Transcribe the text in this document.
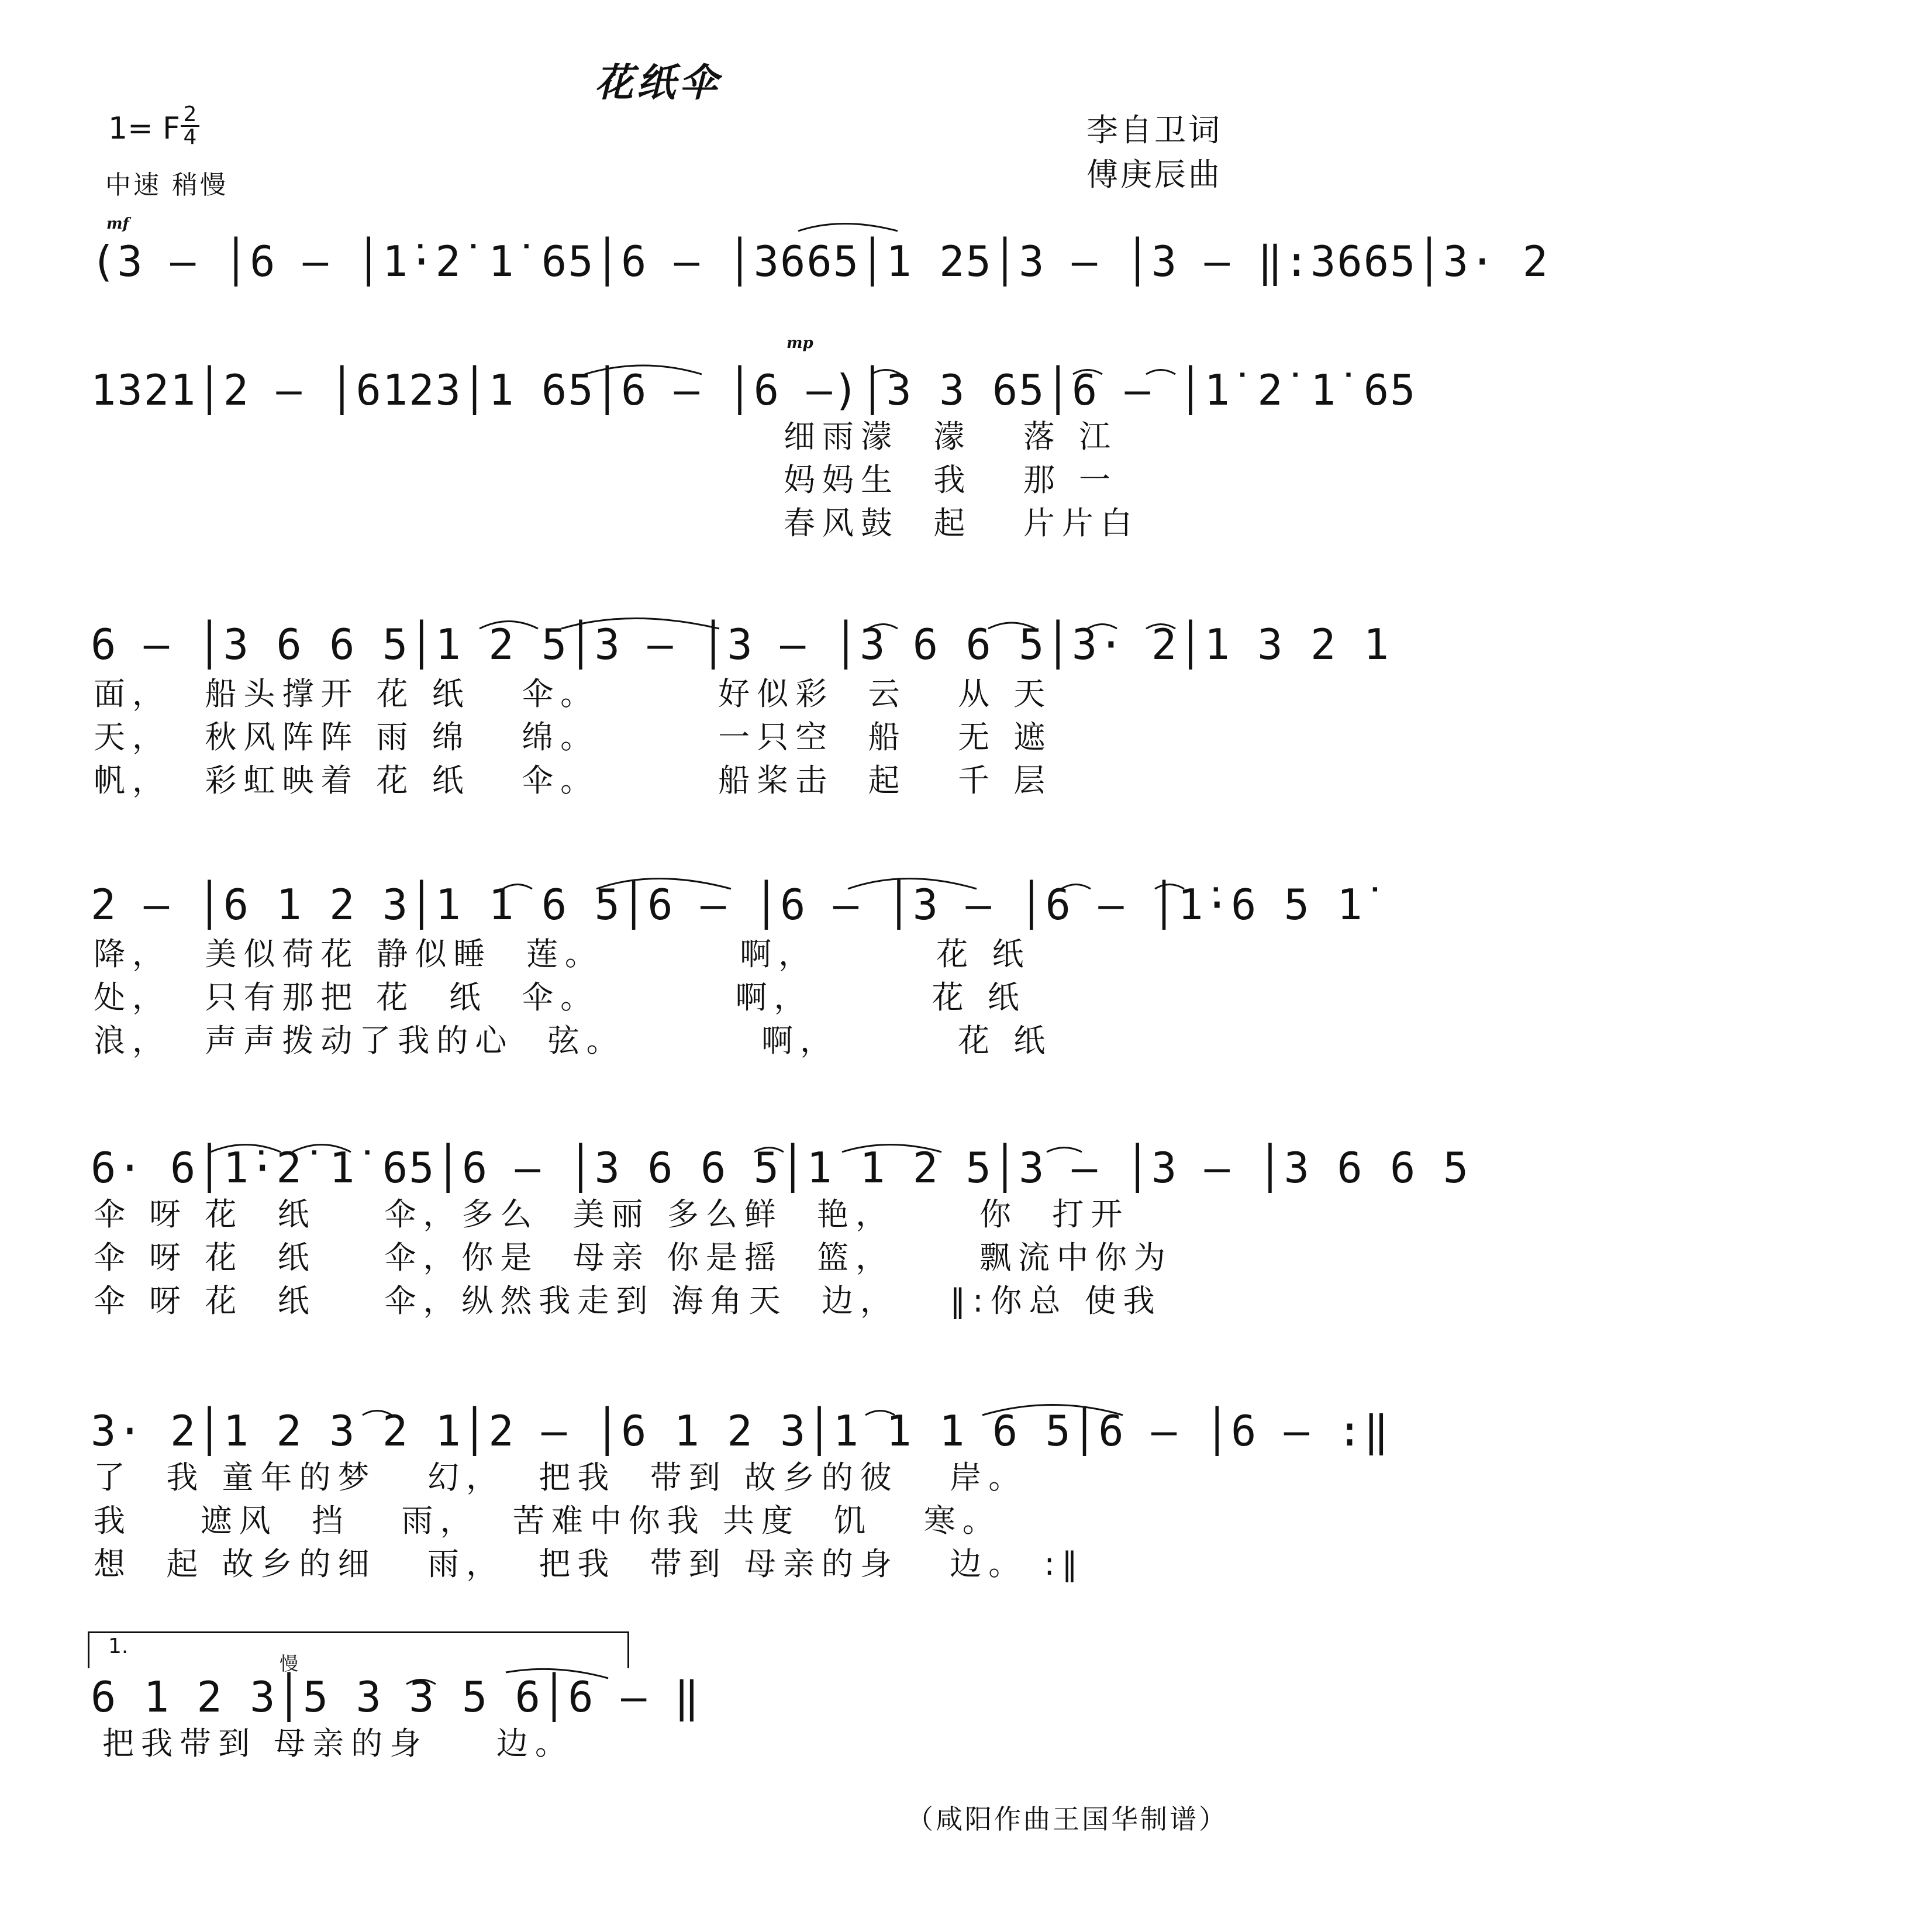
花纸伞
1= F 2
4
中速 稍慢
李自卫词
傅庚辰曲
mf
mp
(3 – │6 – │1̇·2̇ 1̇ 65│6 – │3665│1 25│3 – │3 – ‖:3665│3· 2
1321│2 – │6123│1 65│6 – │6 –)│3 3 65│6 – │1̇ 2̇ 1̇ 65
细雨濛  濛   落 江
妈妈生  我   那 一
春风鼓  起   片片白
6 – │3 6 6 5│1 2 5│3 – │3 – │3 6 6 5│3· 2│1 3 2 1
面，  船头撑开 花 纸   伞。       好似彩  云   从 天
天，  秋风阵阵 雨 绵   绵。       一只空  船   无 遮
帆，  彩虹映着 花 纸   伞。       船桨击  起   千 层
2 – │6 1 2 3│1 1 6 5│6 – │6 – │3 – │6 – │1̇·6 5 1̇
降，  美似荷花 静似睡  莲。        啊，       花 纸
处，  只有那把 花  纸  伞。        啊，       花 纸
浪，  声声拨动了我的心  弦。        啊，       花 纸
6· 6│1̇·2̇ 1̇ 65│6 – │3 6 6 5│1 1 2 5│3 – │3 – │3 6 6 5
伞 呀 花  纸    伞，多么  美丽 多么鲜  艳，     你  打开
伞 呀 花  纸    伞，你是  母亲 你是摇  篮，     飘流中你为
伞 呀 花  纸    伞，纵然我走到 海角天  边，   ‖:你总 使我
3· 2│1 2 3 2 1│2 – │6 1 2 3│1 1 1 6 5│6 – │6 – :‖
了  我 童年的梦   幻，  把我  带到 故乡的彼   岸。
我    遮风  挡   雨，  苦难中你我 共度  饥   寒。
想  起 故乡的细   雨，  把我  带到 母亲的身   边。 :‖
1.
慢
6 1 2 3│5 3 3 5 6│6 – ‖
把我带到 母亲的身    边。
（咸阳作曲王国华制谱）
